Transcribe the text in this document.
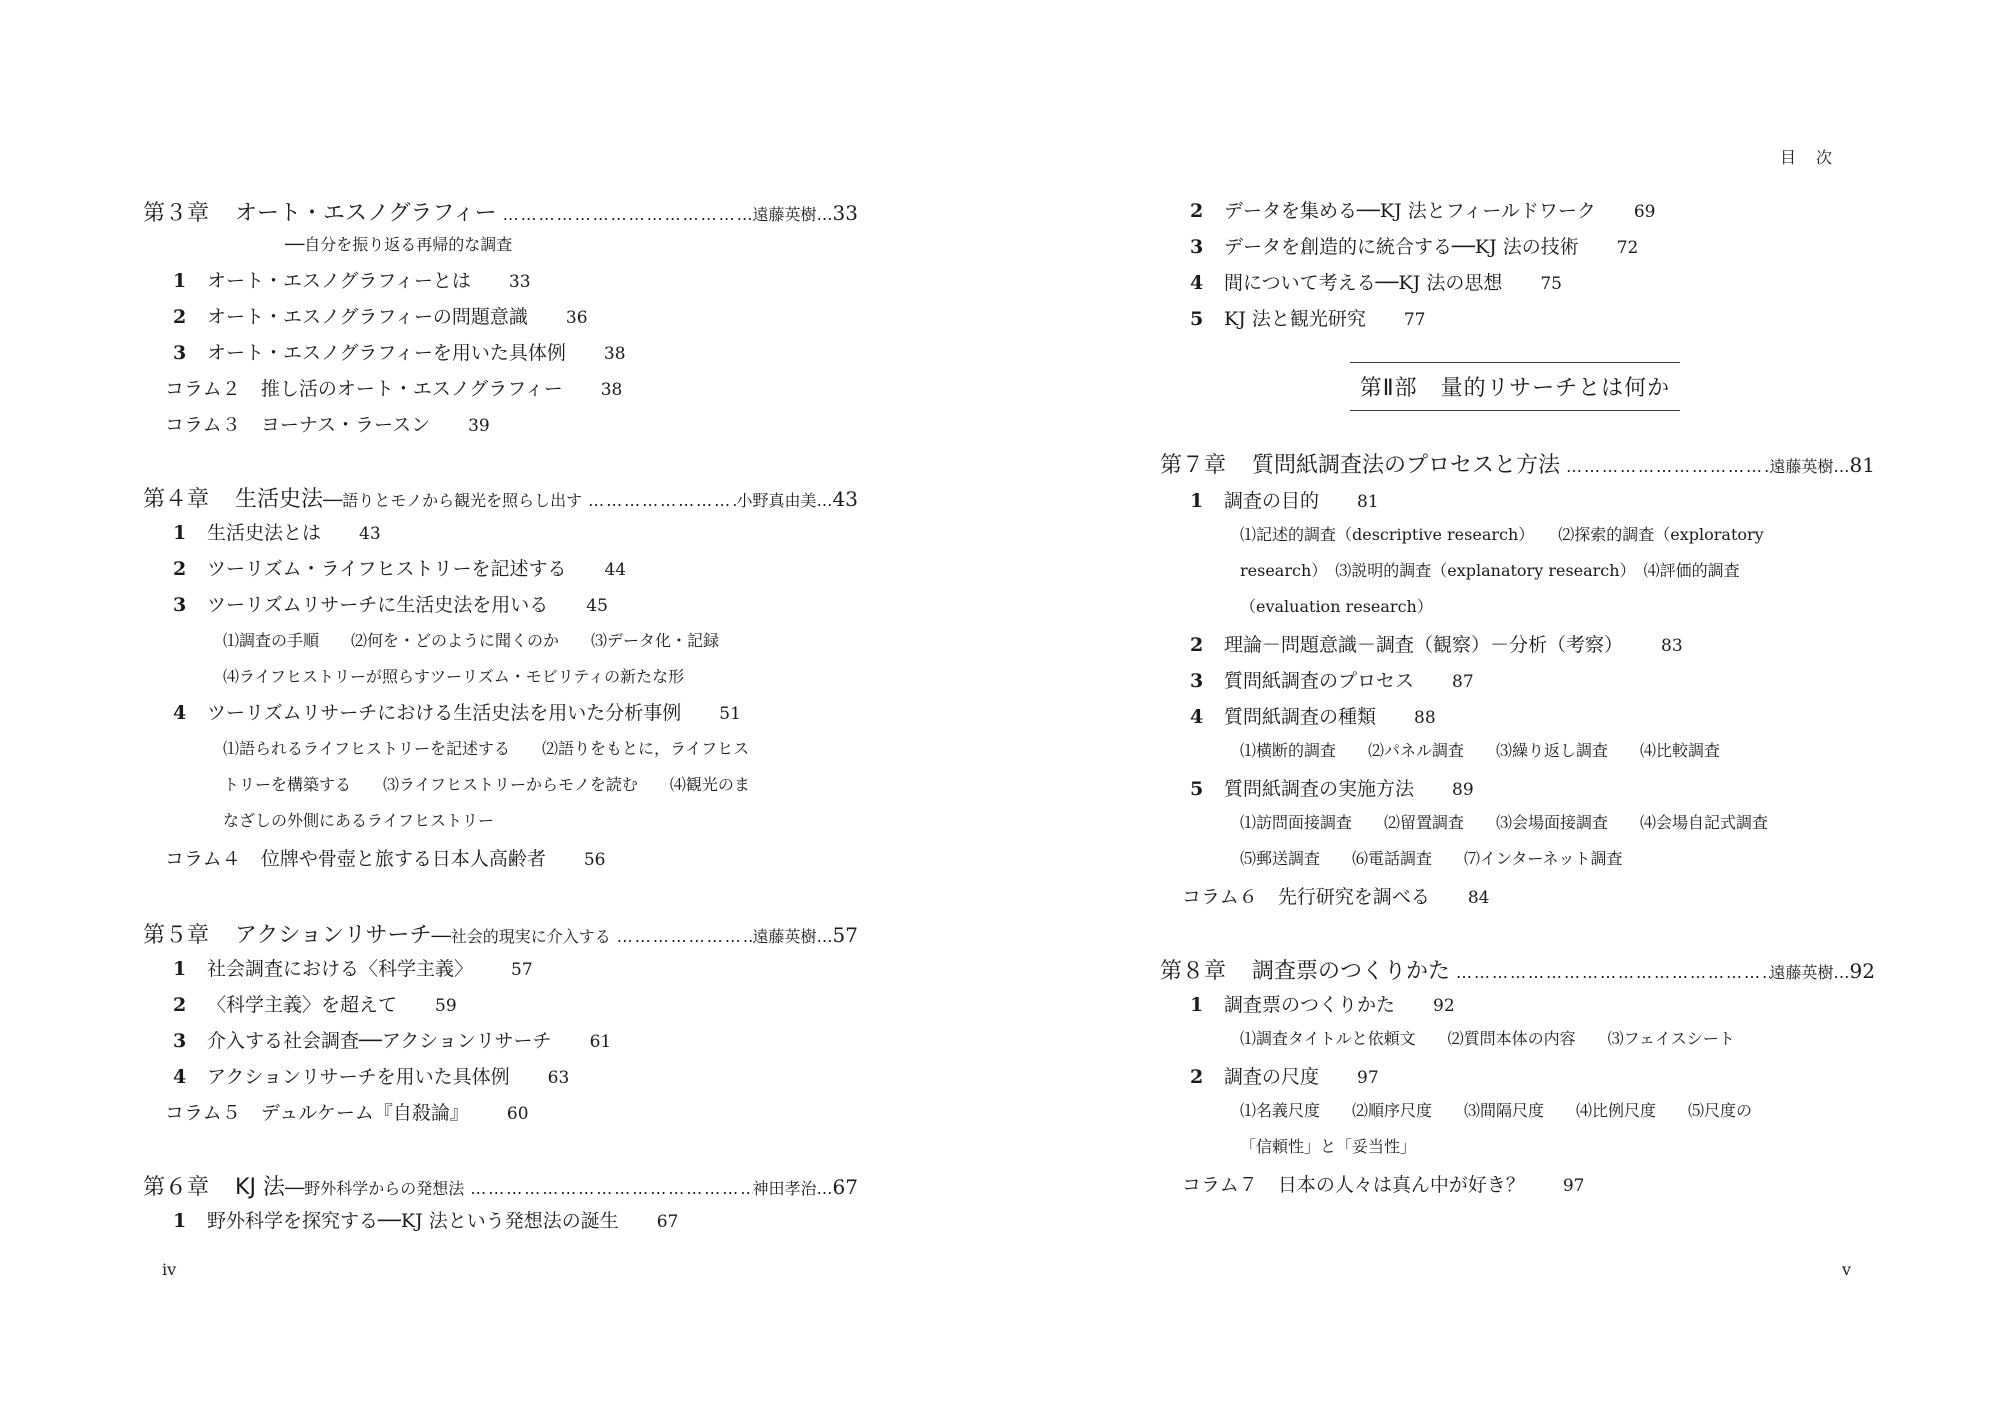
目　次
第３章 オート・エスノグラフィー ……………………………………………………………………………………………………	遠藤英樹… 33
──自分を振り返る再帰的な調査
1 オート・エスノグラフィーとは 33
2 オート・エスノグラフィーの問題意識 36
3 オート・エスノグラフィーを用いた具体例 38
コラム２ 推し活のオート・エスノグラフィー 38
コラム３ ヨーナス・ラースン 39
第４章 生活史法 ──語りとモノから観光を照らし出す ……………………………………………………………………………………………………	小野真由美… 43
1 生活史法とは 43
2 ツーリズム・ライフヒストリーを記述する 44
3 ツーリズムリサーチに生活史法を用いる 45
⑴調査の手順　　⑵何を・どのように聞くのか　　⑶データ化・記録
⑷ライフヒストリーが照らすツーリズム・モビリティの新たな形
4 ツーリズムリサーチにおける生活史法を用いた分析事例 51
⑴語られるライフヒストリーを記述する　　⑵語りをもとに，ライフヒス
トリーを構築する　　⑶ライフヒストリーからモノを読む　　⑷観光のま
なざしの外側にあるライフヒストリー
コラム４ 位牌や骨壺と旅する日本人高齢者 56
第５章 アクションリサーチ ──社会的現実に介入する ……………………………………………………………………………………………………	遠藤英樹… 57
1 社会調査における〈科学主義〉 57
2 〈科学主義〉を超えて 59
3 介入する社会調査──アクションリサーチ 61
4 アクションリサーチを用いた具体例 63
コラム５ デュルケーム『自殺論』 60
第６章 KJ 法 ──野外科学からの発想法 ……………………………………………………………………………………………………	神田孝治… 67
1 野外科学を探究する──KJ 法という発想法の誕生 67
iv
2 データを集める──KJ 法とフィールドワーク 69
3 データを創造的に統合する──KJ 法の技術 72
4 間について考える──KJ 法の思想 75
5 KJ 法と観光研究 77
第Ⅱ部　量的リサーチとは何か
第７章 質問紙調査法のプロセスと方法 ……………………………………………………………………………………………………	遠藤英樹… 81
1 調査の目的 81
⑴記述的調査（descriptive research）　　⑵探索的調査（exploratory
research）　⑶説明的調査（explanatory research）　⑷評価的調査
（evaluation research）
2 理論－問題意識－調査（観察）－分析（考察） 83
3 質問紙調査のプロセス 87
4 質問紙調査の種類 88
⑴横断的調査　　⑵パネル調査　　⑶繰り返し調査　　⑷比較調査
5 質問紙調査の実施方法 89
⑴訪問面接調査　　⑵留置調査　　⑶会場面接調査　　⑷会場自記式調査
⑸郵送調査　　⑹電話調査　　⑺インターネット調査
コラム６ 先行研究を調べる 84
第８章 調査票のつくりかた ……………………………………………………………………………………………………	遠藤英樹… 92
1 調査票のつくりかた 92
⑴調査タイトルと依頼文　　⑵質問本体の内容　　⑶フェイスシート
2 調査の尺度 97
⑴名義尺度　　⑵順序尺度　　⑶間隔尺度　　⑷比例尺度　　⑸尺度の
「信頼性」と「妥当性」
コラム７ 日本の人々は真ん中が好き？ 97
v
